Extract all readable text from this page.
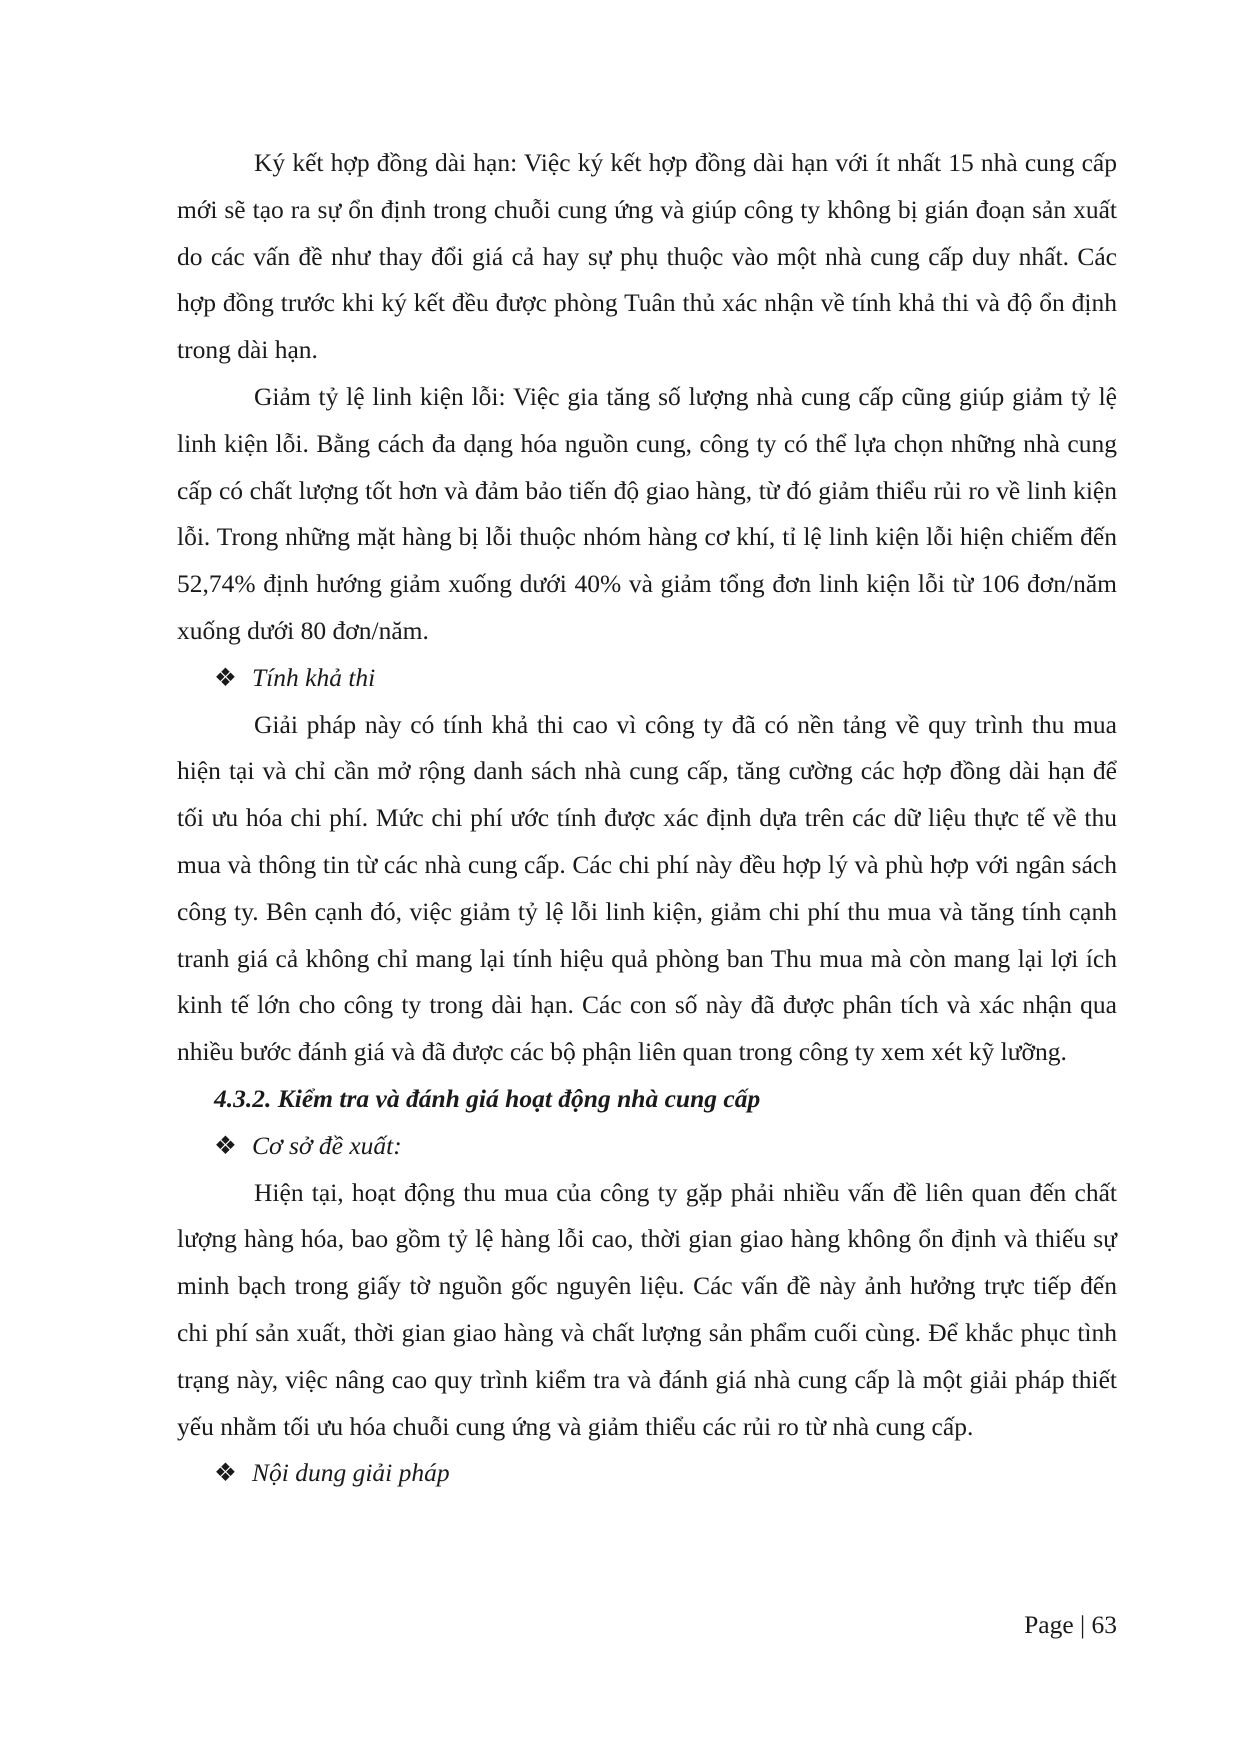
Ký kết hợp đồng dài hạn: Việc ký kết hợp đồng dài hạn với ít nhất 15 nhà cung cấp mới sẽ tạo ra sự ổn định trong chuỗi cung ứng và giúp công ty không bị gián đoạn sản xuất do các vấn đề như thay đổi giá cả hay sự phụ thuộc vào một nhà cung cấp duy nhất. Các hợp đồng trước khi ký kết đều được phòng Tuân thủ xác nhận về tính khả thi và độ ổn định trong dài hạn.

Giảm tỷ lệ linh kiện lỗi: Việc gia tăng số lượng nhà cung cấp cũng giúp giảm tỷ lệ linh kiện lỗi. Bằng cách đa dạng hóa nguồn cung, công ty có thể lựa chọn những nhà cung cấp có chất lượng tốt hơn và đảm bảo tiến độ giao hàng, từ đó giảm thiểu rủi ro về linh kiện lỗi. Trong những mặt hàng bị lỗi thuộc nhóm hàng cơ khí, tỉ lệ linh kiện lỗi hiện chiếm đến 52,74% định hướng giảm xuống dưới 40% và giảm tổng đơn linh kiện lỗi từ 106 đơn/năm xuống dưới 80 đơn/năm.

❖ Tính khả thi

Giải pháp này có tính khả thi cao vì công ty đã có nền tảng về quy trình thu mua hiện tại và chỉ cần mở rộng danh sách nhà cung cấp, tăng cường các hợp đồng dài hạn để tối ưu hóa chi phí. Mức chi phí ước tính được xác định dựa trên các dữ liệu thực tế về thu mua và thông tin từ các nhà cung cấp. Các chi phí này đều hợp lý và phù hợp với ngân sách công ty. Bên cạnh đó, việc giảm tỷ lệ lỗi linh kiện, giảm chi phí thu mua và tăng tính cạnh tranh giá cả không chỉ mang lại tính hiệu quả phòng ban Thu mua mà còn mang lại lợi ích kinh tế lớn cho công ty trong dài hạn. Các con số này đã được phân tích và xác nhận qua nhiều bước đánh giá và đã được các bộ phận liên quan trong công ty xem xét kỹ lưỡng.

4.3.2. Kiểm tra và đánh giá hoạt động nhà cung cấp
❖ Cơ sở đề xuất:

Hiện tại, hoạt động thu mua của công ty gặp phải nhiều vấn đề liên quan đến chất lượng hàng hóa, bao gồm tỷ lệ hàng lỗi cao, thời gian giao hàng không ổn định và thiếu sự minh bạch trong giấy tờ nguồn gốc nguyên liệu. Các vấn đề này ảnh hưởng trực tiếp đến chi phí sản xuất, thời gian giao hàng và chất lượng sản phẩm cuối cùng. Để khắc phục tình trạng này, việc nâng cao quy trình kiểm tra và đánh giá nhà cung cấp là một giải pháp thiết yếu nhằm tối ưu hóa chuỗi cung ứng và giảm thiểu các rủi ro từ nhà cung cấp.

❖ Nội dung giải pháp
Page | 63
